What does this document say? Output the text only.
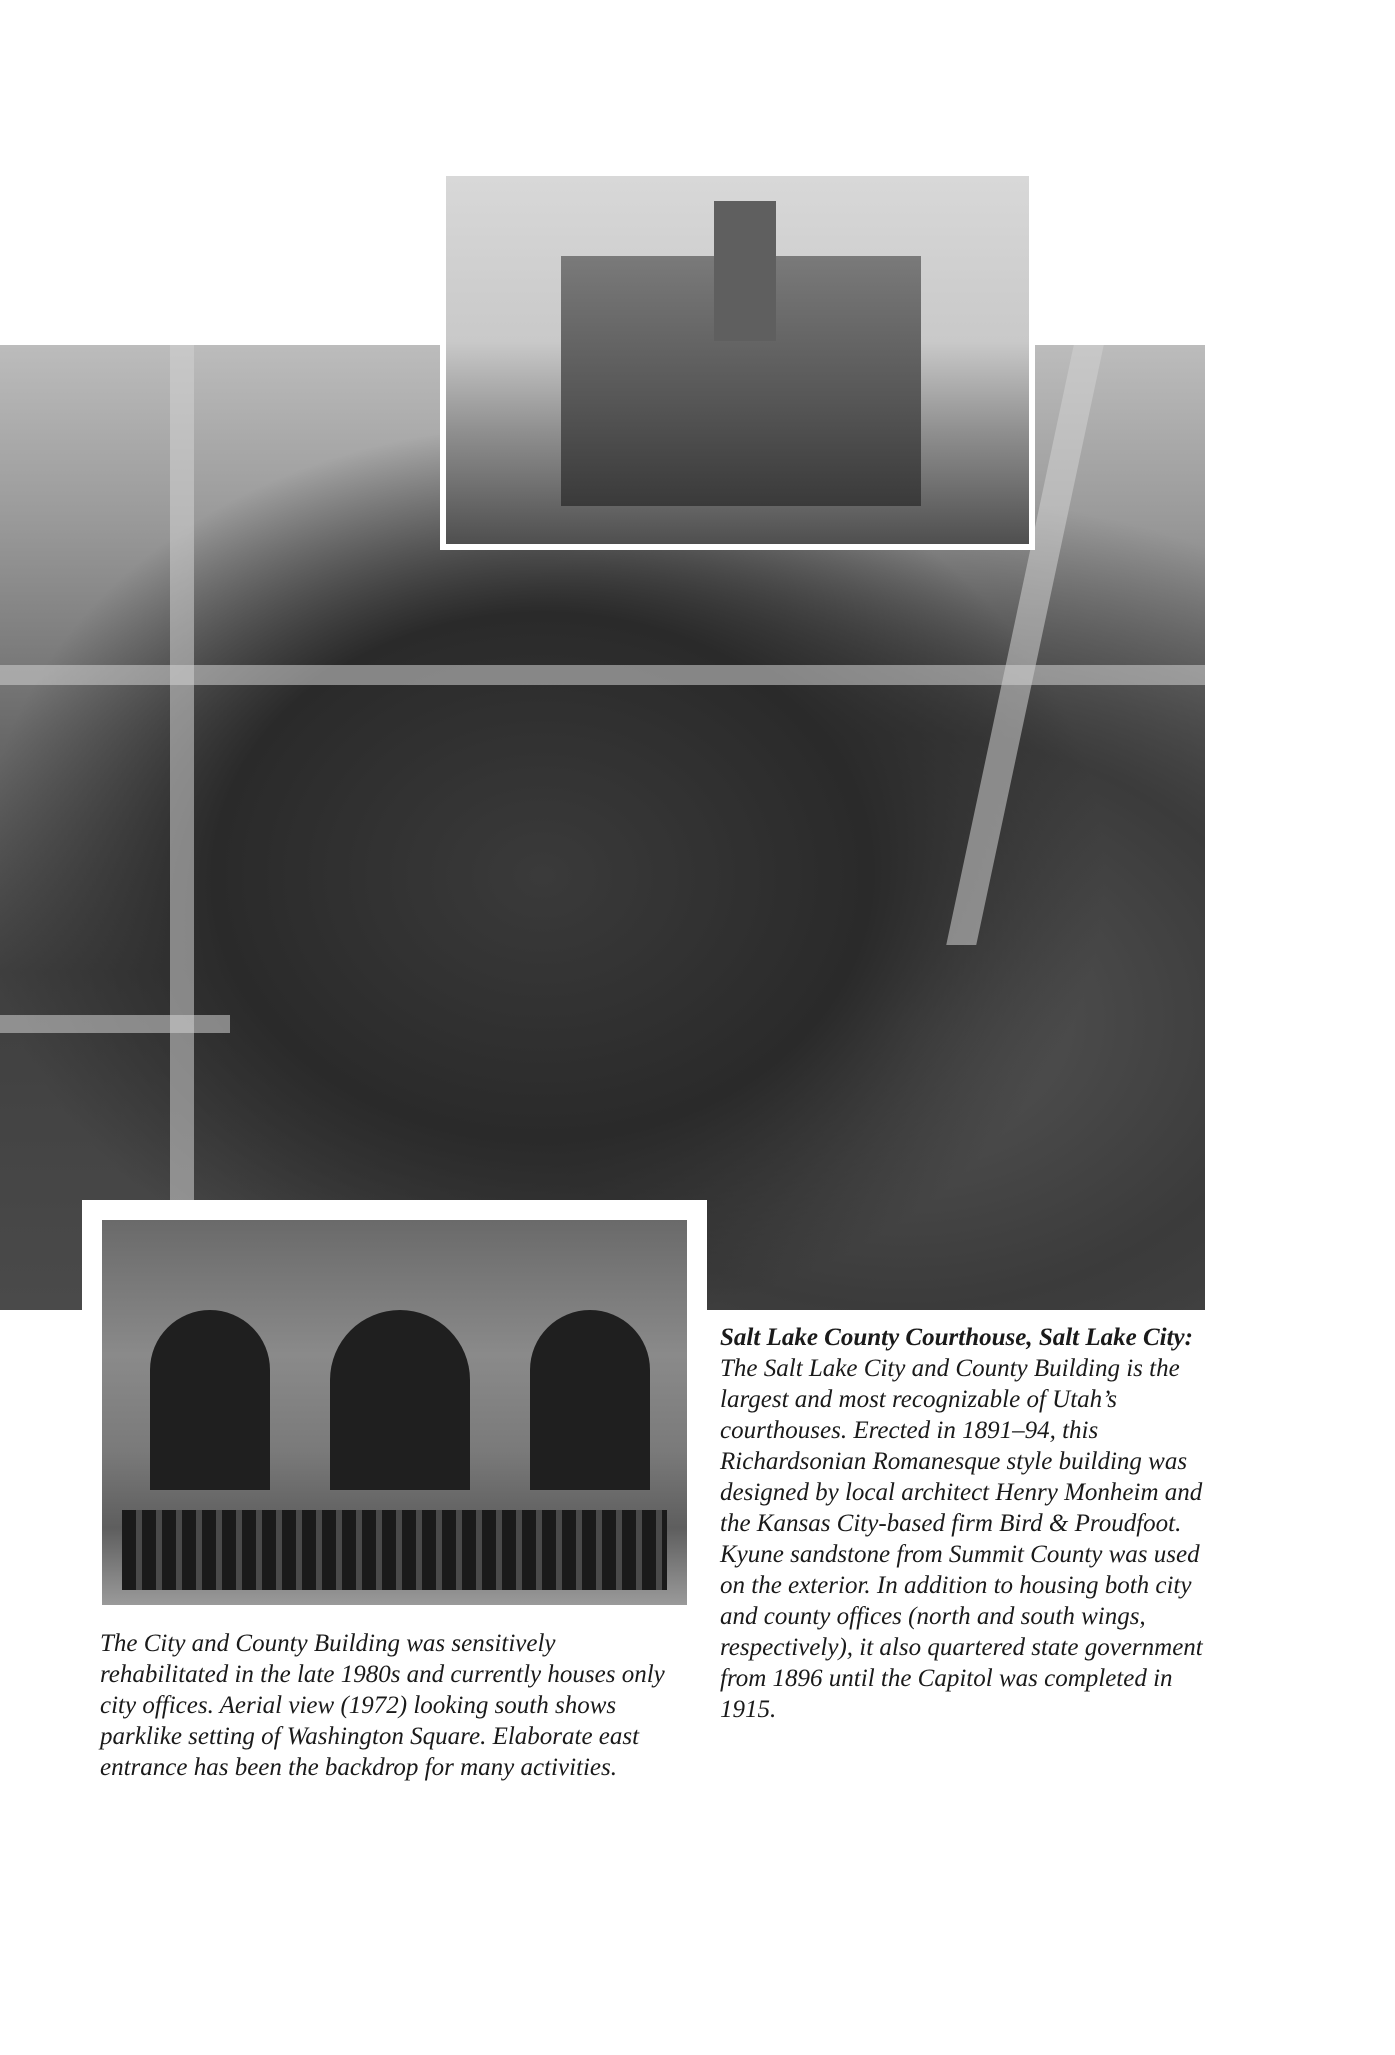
The City and County Building was sensitively rehabilitated in the late 1980s and currently houses only city offices. Aerial view (1972) looking south shows parklike setting of Washington Square. Elaborate east entrance has been the backdrop for many activities.

Salt Lake County Courthouse, Salt Lake City: The Salt Lake City and County Building is the largest and most recognizable of Utah’s courthouses. Erected in 1891–94, this Richardsonian Romanesque style building was designed by local architect Henry Monheim and the Kansas City-based firm Bird & Proudfoot. Kyune sandstone from Summit County was used on the exterior. In addition to housing both city and county offices (north and south wings, respectively), it also quartered state government from 1896 until the Capitol was completed in 1915.
